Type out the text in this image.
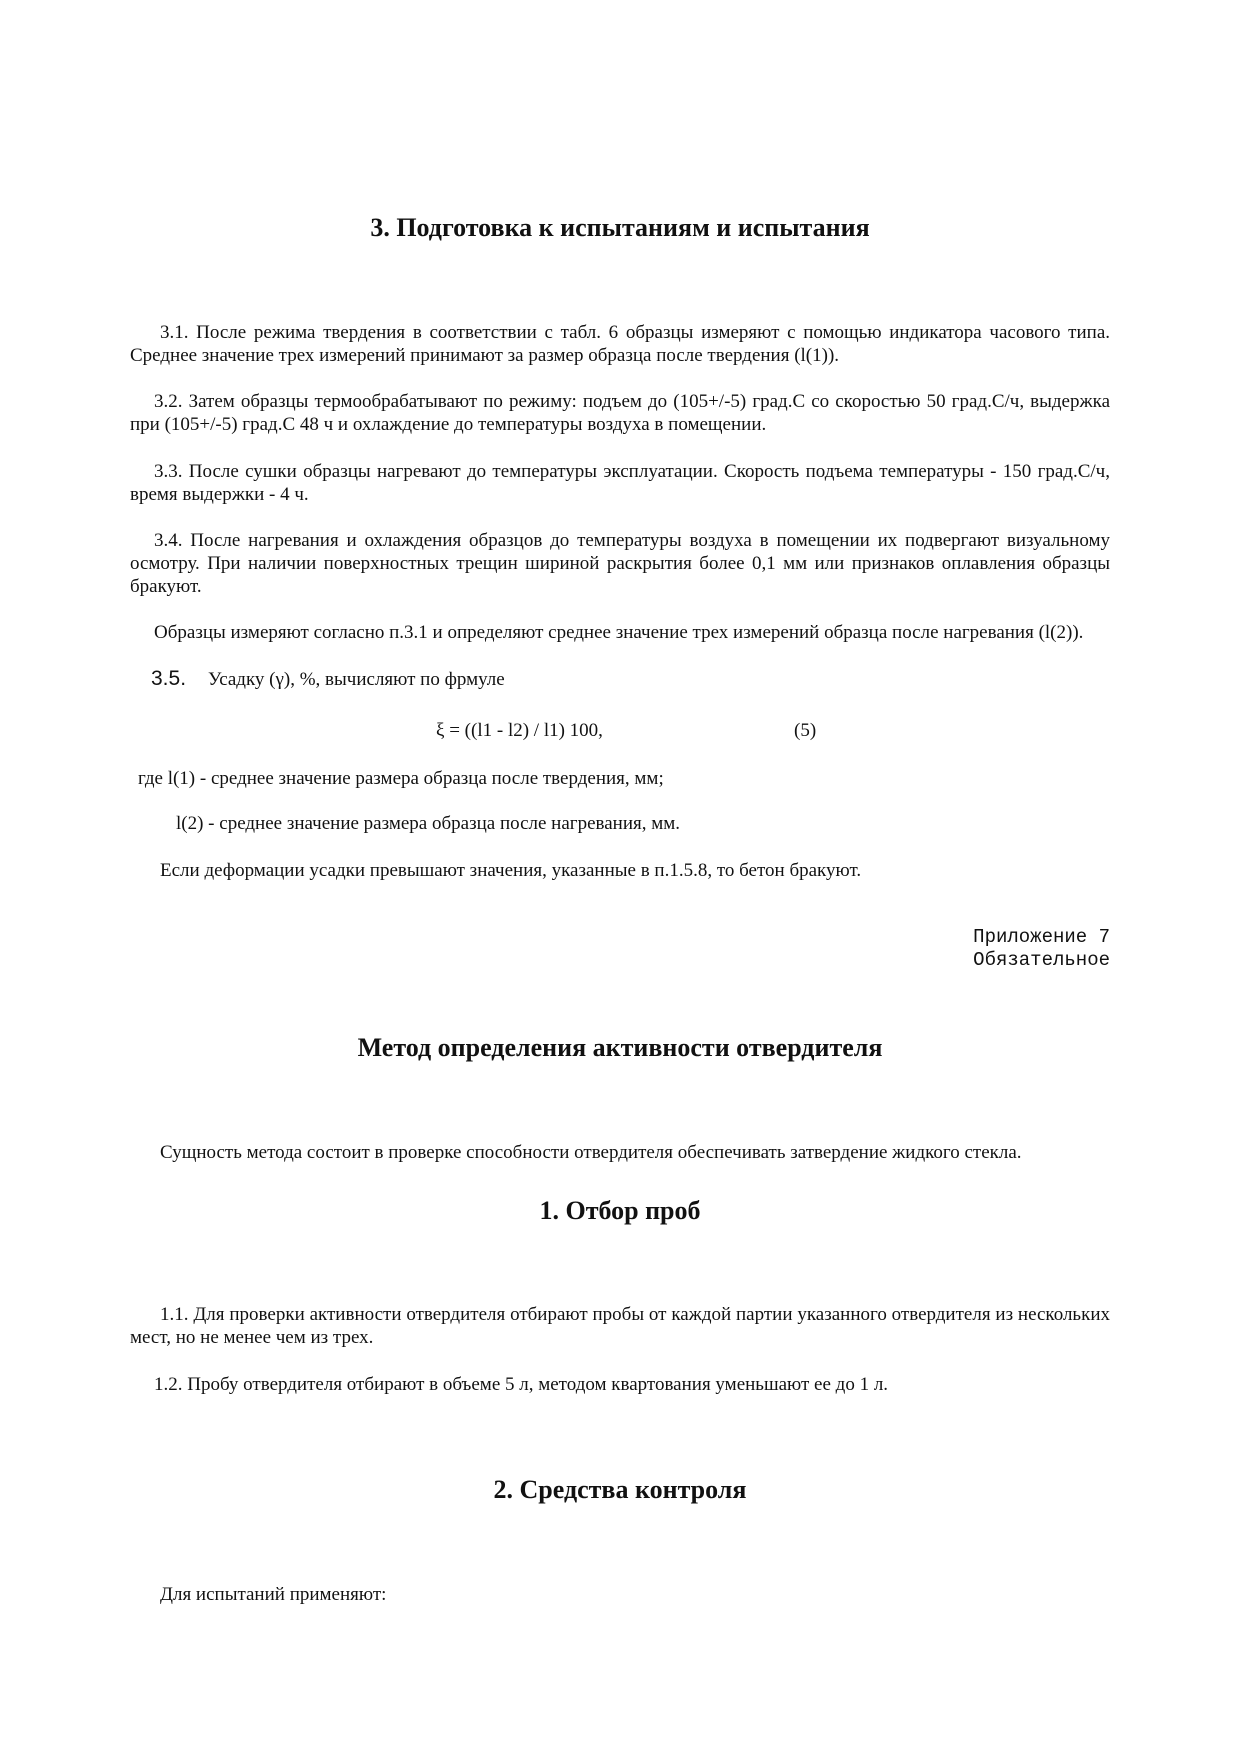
3. Подготовка к испытаниям и испытания

3.1. После режима твердения в соответствии с табл. 6 образцы измеряют с помощью индикатора часового типа. Среднее значение трех измерений принимают за размер образца после твердения (l(1)).

3.2. Затем образцы термообрабатывают по режиму: подъем до (105+/-5) град.С со скоростью 50 град.С/ч, выдержка при (105+/-5) град.С 48 ч и охлаждение до температуры воздуха в помещении.

3.3. После сушки образцы нагревают до температуры эксплуатации. Скорость подъема температуры - 150 град.С/ч, время выдержки - 4 ч.

3.4. После нагревания и охлаждения образцов до температуры воздуха в помещении их подвергают визуальному осмотру. При наличии поверхностных трещин шириной раскрытия более 0,1 мм или признаков оплавления образцы бракуют.

Образцы измеряют согласно п.3.1 и определяют среднее значение трех измерений образца после нагревания (l(2)).

3.5. Усадку (γ), %, вычисляют по фрмуле
ξ = ((l1 - l2) / l1) 100,	(5)
где l(1) - среднее значение размера образца после твердения, мм;
l(2) - среднее значение размера образца после нагревания, мм.
Если деформации усадки превышают значения, указанные в п.1.5.8, то бетон бракуют.
Приложение 7
Обязательное
Метод определения активности отвердителя
Сущность метода состоит в проверке способности отвердителя обеспечивать затвердение жидкого стекла.
1. Отбор проб

1.1. Для проверки активности отвердителя отбирают пробы от каждой партии указанного отвердителя из нескольких мест, но не менее чем из трех.

1.2. Пробу отвердителя отбирают в объеме 5 л, методом квартования уменьшают ее до 1 л.
2. Средства контроля
Для испытаний применяют:
